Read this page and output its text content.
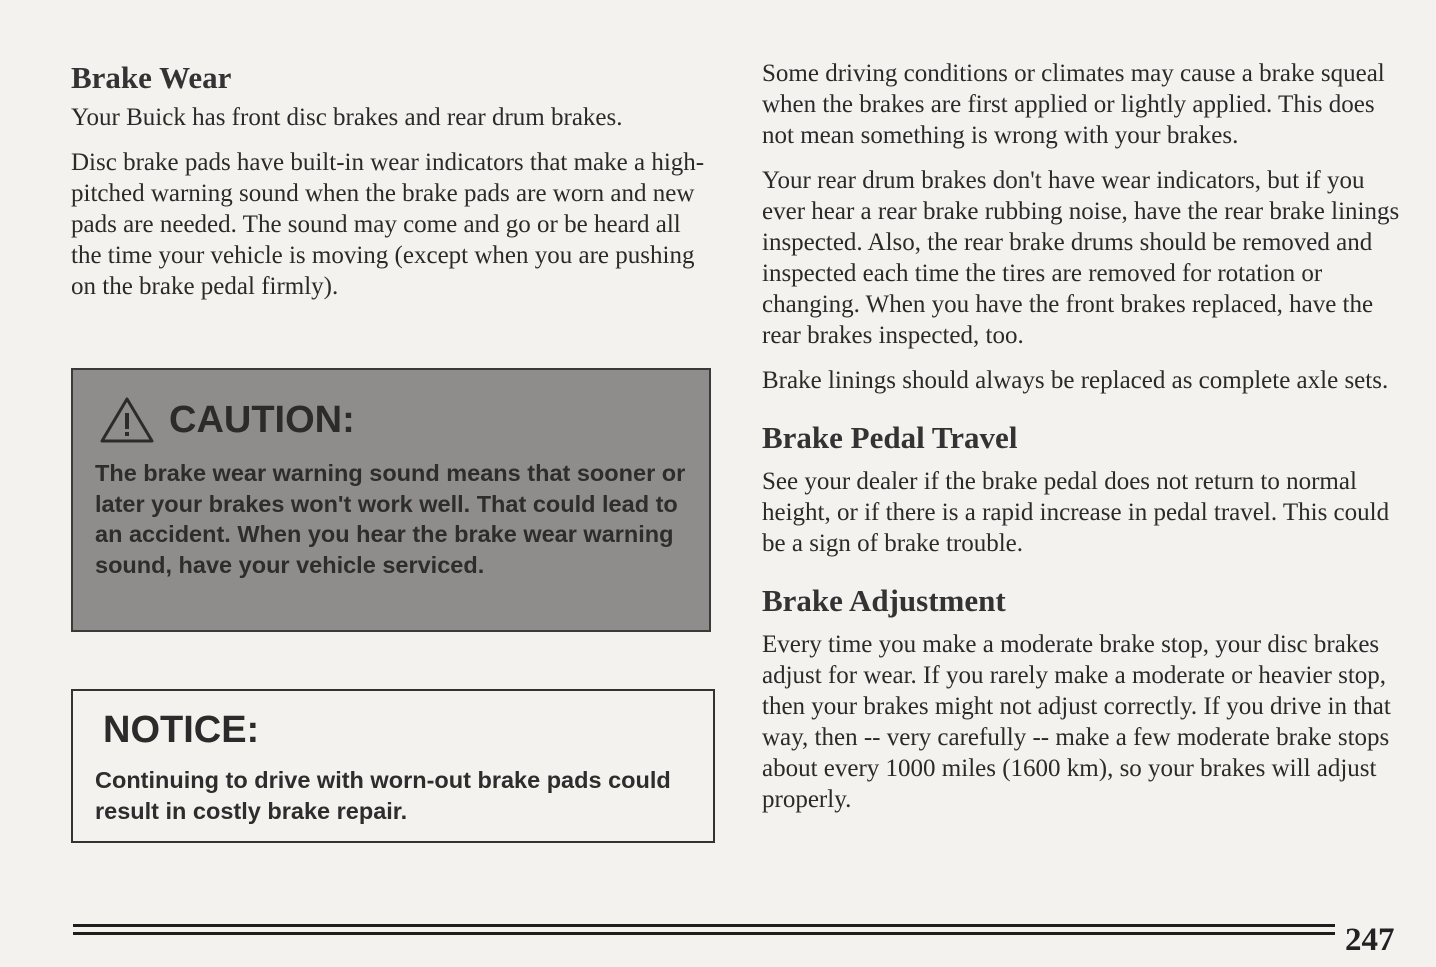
Brake Wear

Your Buick has front disc brakes and rear drum brakes.

Disc brake pads have built-in wear indicators that make a high-pitched warning sound when the brake pads are worn and new pads are needed. The sound may come and go or be heard all the time your vehicle is moving (except when you are pushing on the brake pedal firmly).

CAUTION:
The brake wear warning sound means that sooner or later your brakes won't work well. That could lead to an accident. When you hear the brake wear warning sound, have your vehicle serviced.
NOTICE:
Continuing to drive with worn-out brake pads could result in costly brake repair.

Some driving conditions or climates may cause a brake squeal when the brakes are first applied or lightly applied. This does not mean something is wrong with your brakes.

Your rear drum brakes don't have wear indicators, but if you ever hear a rear brake rubbing noise, have the rear brake linings inspected. Also, the rear brake drums should be removed and inspected each time the tires are removed for rotation or changing. When you have the front brakes replaced, have the rear brakes inspected, too.

Brake linings should always be replaced as complete axle sets.

Brake Pedal Travel

See your dealer if the brake pedal does not return to normal height, or if there is a rapid increase in pedal travel. This could be a sign of brake trouble.

Brake Adjustment

Every time you make a moderate brake stop, your disc brakes adjust for wear. If you rarely make a moderate or heavier stop, then your brakes might not adjust correctly. If you drive in that way, then -- very carefully -- make a few moderate brake stops about every 1000 miles (1600 km), so your brakes will adjust properly.

247
